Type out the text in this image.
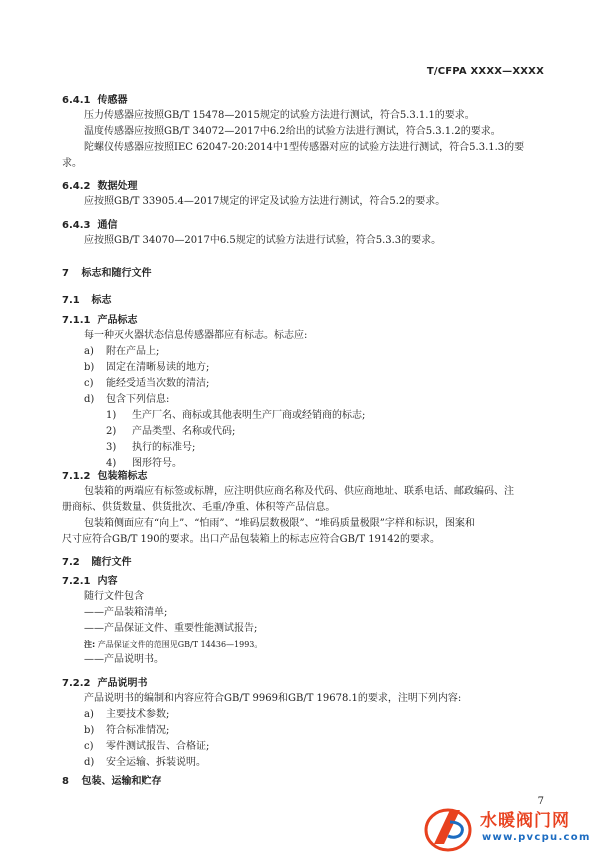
T/CFPA XXXX—XXXX
6.4.1 传感器
压力传感器应按照GB/T 15478—2015规定的试验方法进行测试，符合5.3.1.1的要求。
温度传感器应按照GB/T 34072—2017中6.2给出的试验方法进行测试，符合5.3.1.2的要求。
陀螺仪传感器应按照IEC 62047-20:2014中1型传感器对应的试验方法进行测试，符合5.3.1.3的要
求。
6.4.2 数据处理
应按照GB/T 33905.4—2017规定的评定及试验方法进行测试，符合5.2的要求。
6.4.3 通信
应按照GB/T 34070—2017中6.5规定的试验方法进行试验，符合5.3.3的要求。
7 标志和随行文件
7.1 标志
7.1.1 产品标志
每一种灭火器状态信息传感器都应有标志。标志应:
a) 附在产品上;
b) 固定在清晰易读的地方;
c) 能经受适当次数的清洁;
d) 包含下列信息:
1) 生产厂名、商标或其他表明生产厂商或经销商的标志;
2) 产品类型、名称或代码;
3) 执行的标准号;
4) 图形符号。
7.1.2 包装箱标志
包装箱的两端应有标签或标牌，应注明供应商名称及代码、供应商地址、联系电话、邮政编码、注
册商标、供货数量、供货批次、毛重/净重、体积等产品信息。
包装箱侧面应有“向上”、“怕雨”、“堆码层数极限”、“堆码质量极限”字样和标识，图案和
尺寸应符合GB/T 190的要求。出口产品包装箱上的标志应符合GB/T 19142的要求。
7.2 随行文件
7.2.1 内容
随行文件包含
——产品装箱清单;
——产品保证文件、重要性能测试报告;
注: 产品保证文件的范围见GB/T 14436—1993。
——产品说明书。
7.2.2 产品说明书
产品说明书的编制和内容应符合GB/T 9969和GB/T 19678.1的要求，注明下列内容:
a) 主要技术参数;
b) 符合标准情况;
c) 零件测试报告、合格证;
d) 安全运输、拆装说明。
8 包装、运输和贮存
7
水暖阀门网
www.pvcpu.com
